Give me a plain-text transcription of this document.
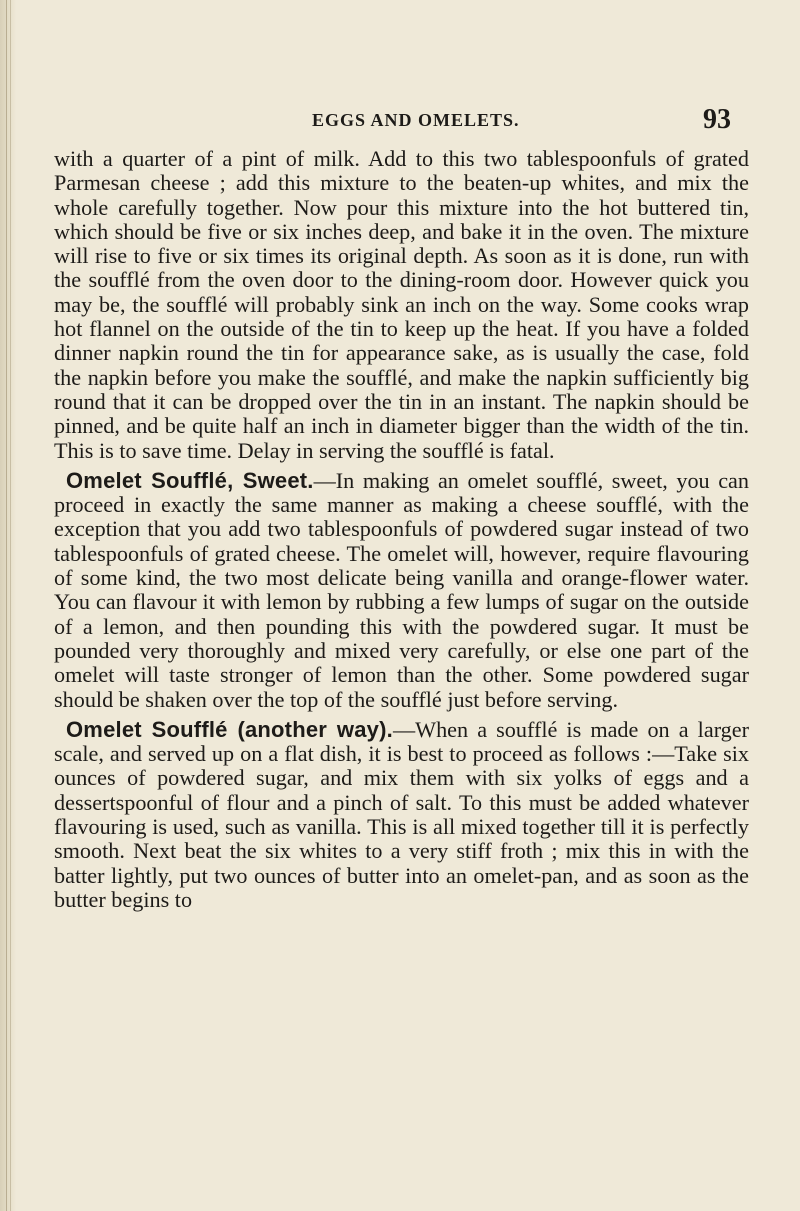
EGGS AND OMELETS.	93

with a quarter of a pint of milk. Add to this two tablespoonfuls of grated Parmesan cheese ; add this mixture to the beaten-up whites, and mix the whole carefully together. Now pour this mixture into the hot buttered tin, which should be five or six inches deep, and bake it in the oven. The mixture will rise to five or six times its original depth. As soon as it is done, run with the soufflé from the oven door to the dining-room door. However quick you may be, the soufflé will probably sink an inch on the way. Some cooks wrap hot flannel on the outside of the tin to keep up the heat. If you have a folded dinner napkin round the tin for appearance sake, as is usually the case, fold the napkin before you make the soufflé, and make the napkin sufficiently big round that it can be dropped over the tin in an instant. The napkin should be pinned, and be quite half an inch in diameter bigger than the width of the tin. This is to save time. Delay in serving the soufflé is fatal.

Omelet Soufflé, Sweet.—In making an omelet soufflé, sweet, you can proceed in exactly the same manner as making a cheese soufflé, with the exception that you add two tablespoonfuls of powdered sugar instead of two tablespoonfuls of grated cheese. The omelet will, however, require flavouring of some kind, the two most delicate being vanilla and orange-flower water. You can flavour it with lemon by rubbing a few lumps of sugar on the outside of a lemon, and then pounding this with the powdered sugar. It must be pounded very thoroughly and mixed very carefully, or else one part of the omelet will taste stronger of lemon than the other. Some powdered sugar should be shaken over the top of the soufflé just before serving.

Omelet Soufflé (another way).—When a soufflé is made on a larger scale, and served up on a flat dish, it is best to proceed as follows :—Take six ounces of powdered sugar, and mix them with six yolks of eggs and a dessertspoonful of flour and a pinch of salt. To this must be added whatever flavouring is used, such as vanilla. This is all mixed together till it is perfectly smooth. Next beat the six whites to a very stiff froth ; mix this in with the batter lightly, put two ounces of butter into an omelet-pan, and as soon as the butter begins to
